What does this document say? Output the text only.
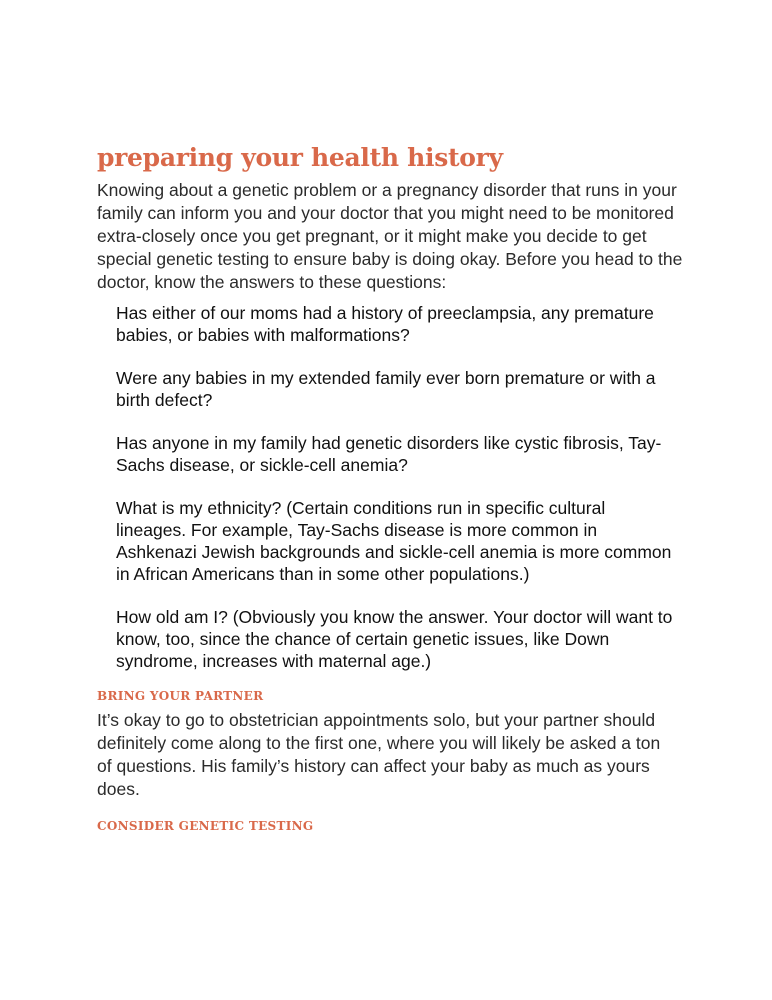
preparing your health history

Knowing about a genetic problem or a pregnancy disorder that runs in your family can inform you and your doctor that you might need to be monitored extra-closely once you get pregnant, or it might make you decide to get special genetic testing to ensure baby is doing okay. Before you head to the doctor, know the answers to these questions:

Has either of our moms had a history of preeclampsia, any premature babies, or babies with malformations?
Were any babies in my extended family ever born premature or with a birth defect?
Has anyone in my family had genetic disorders like cystic fibrosis, Tay-Sachs disease, or sickle-cell anemia?
What is my ethnicity? (Certain conditions run in specific cultural lineages. For example, Tay-Sachs disease is more common in Ashkenazi Jewish backgrounds and sickle-cell anemia is more common in African Americans than in some other populations.)
How old am I? (Obviously you know the answer. Your doctor will want to know, too, since the chance of certain genetic issues, like Down syndrome, increases with maternal age.)
BRING YOUR PARTNER

It’s okay to go to obstetrician appointments solo, but your partner should definitely come along to the first one, where you will likely be asked a ton of questions. His family’s history can affect your baby as much as yours does.

CONSIDER GENETIC TESTING
